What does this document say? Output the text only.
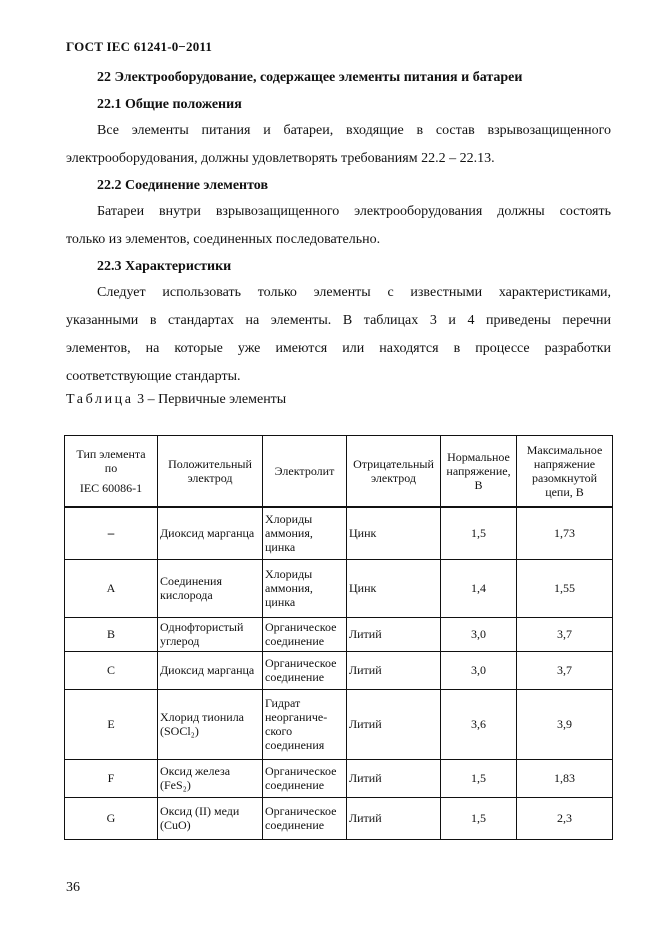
ГОСТ IEC 61241-0−2011
22 Электрооборудование, содержащее элементы питания и батареи
22.1 Общие положения
Все элементы питания и батареи, входящие в состав взрывозащищенного
электрооборудования, должны удовлетворять требованиям 22.2 – 22.13.
22.2 Соединение элементов
Батареи внутри взрывозащищенного электрооборудования должны состоять
только из элементов, соединенных последовательно.
22.3 Характеристики
Следует использовать только элементы с известными характеристиками,
указанными в стандартах на элементы. В таблицах 3 и 4 приведены перечни
элементов, на которые уже имеются или находятся в процессе разработки
соответствующие стандарты.
Таблица 3 – Первичные элементы
Тип элемента
по
IEC 60086-1	Положительный электрод	Электролит	Отрицательный электрод	Нормальное напряжение, В	Максимальное напряжение разомкнутой цепи, В
–	Диоксид марганца	Хлориды аммония, цинка	Цинк	1,5	1,73
A	Соединения кислорода	Хлориды аммония, цинка	Цинк	1,4	1,55
B	Однофтористый углерод	Органическое соединение	Литий	3,0	3,7
C	Диоксид марганца	Органическое соединение	Литий	3,0	3,7
E	Хлорид тионила (SOCl₂)	Гидрат неорганиче-ского соединения	Литий	3,6	3,9
F	Оксид железа (FeS₂)	Органическое соединение	Литий	1,5	1,83
G	Оксид (II) меди (CuO)	Органическое соединение	Литий	1,5	2,3
36
